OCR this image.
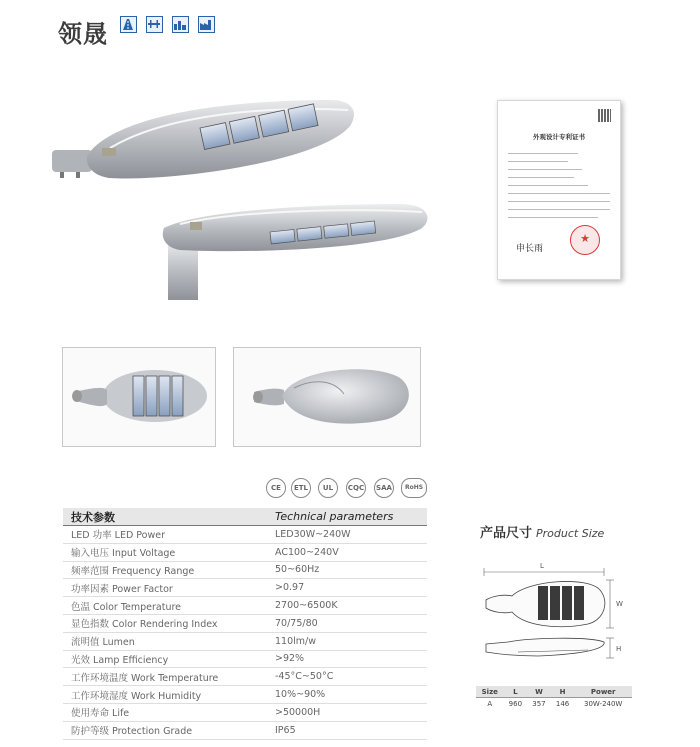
领晟

外观设计专利证书
申长雨
★

CE	ETL	UL	CQC SAA	RoHS
技术参数	Technical parameters
LED 功率 LED Power	LED30W~240W
输入电压 Input Voltage	AC100~240V
频率范围 Frequency Range	50~60Hz
功率因素 Power Factor	>0.97
色温 Color Temperature	2700~6500K
显色指数 Color Rendering Index	70/75/80
流明值 Lumen	110lm/w
光效 Lamp Efficiency	>92%
工作环境温度 Work Temperature	-45°C~50°C
工作环境湿度 Work Humidity	10%~90%
使用寿命 Life	>50000H
防护等级 Protection Grade	IP65
产品尺寸 Product Size
L
W
H
Size	L	W	H	Power
A	960	357	146	30W-240W
